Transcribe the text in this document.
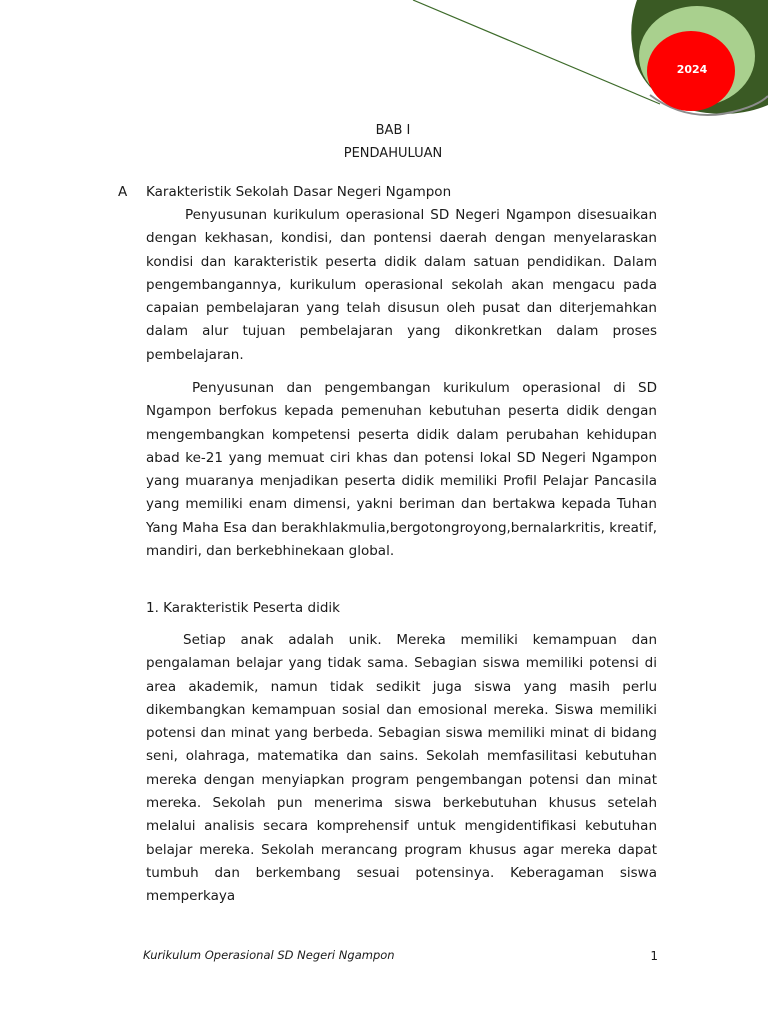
2024
BAB I
PENDAHULUAN
A Karakteristik Sekolah Dasar Negeri Ngampon

Penyusunan kurikulum operasional SD Negeri Ngampon disesuaikan dengan kekhasan, kondisi, dan pontensi daerah dengan menyelaraskan kondisi dan karakteristik peserta didik dalam satuan pendidikan. Dalam pengembangannya, kurikulum operasional sekolah akan mengacu pada capaian pembelajaran yang telah disusun oleh pusat dan diterjemahkan dalam alur tujuan pembelajaran yang dikonkretkan dalam proses pembelajaran.

Penyusunan dan pengembangan kurikulum operasional di SD Ngampon berfokus kepada pemenuhan kebutuhan peserta didik dengan mengembangkan kompetensi peserta didik dalam perubahan kehidupan abad ke-21 yang memuat ciri khas dan potensi lokal SD Negeri Ngampon yang muaranya menjadikan peserta didik memiliki Profil Pelajar Pancasila yang memiliki enam dimensi, yakni beriman dan bertakwa kepada Tuhan Yang Maha Esa dan berakhlakmulia,bergotongroyong,bernalarkritis, kreatif, mandiri, dan berkebhinekaan global.

1. Karakteristik Peserta didik

Setiap anak adalah unik. Mereka memiliki kemampuan dan pengalaman belajar yang tidak sama. Sebagian siswa memiliki potensi di area akademik, namun tidak sedikit juga siswa yang masih perlu dikembangkan kemampuan sosial dan emosional mereka. Siswa memiliki potensi dan minat yang berbeda. Sebagian siswa memiliki minat di bidang seni, olahraga, matematika dan sains. Sekolah memfasilitasi kebutuhan mereka dengan menyiapkan program pengembangan potensi dan minat mereka. Sekolah pun menerima siswa berkebutuhan khusus setelah melalui analisis secara komprehensif untuk mengidentifikasi kebutuhan belajar mereka. Sekolah merancang program khusus agar mereka dapat tumbuh dan berkembang sesuai potensinya. Keberagaman siswa memperkaya

Kurikulum Operasional SD Negeri Ngampon	1
